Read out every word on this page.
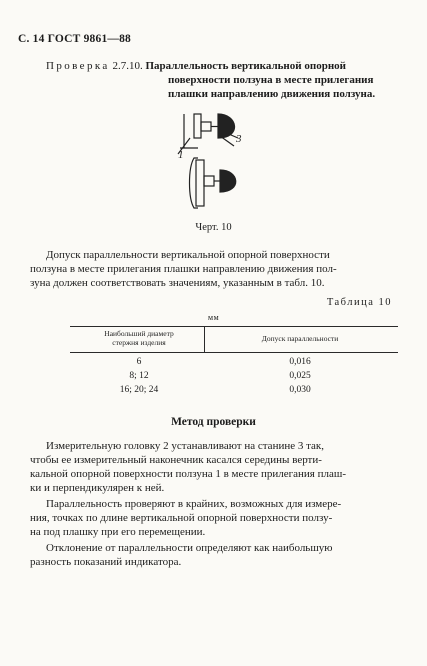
С. 14 ГОСТ 9861—88
Проверка 2.7.10. Параллельность вертикальной опорной
поверхности ползуна в месте прилегания
плашки направлению движения ползуна.
1
3
Черт. 10
Допуск параллельности вертикальной опорной поверхности
ползуна в месте прилегания плашки направлению движения пол-
зуна должен соответствовать значениям, указанным в табл. 10.
Таблица 10
мм
Наибольший диаметр
стержня изделия	Допуск параллельности
6	0,016
8; 12	0,025
16; 20; 24	0,030
Метод проверки
Измерительную головку 2 устанавливают на станине 3 так,
чтобы ее измерительный наконечник касался середины верти-
кальной опорной поверхности ползуна 1 в месте прилегания плаш-
ки и перпендикулярен к ней.
Параллельность проверяют в крайних, возможных для измере-
ния, точках по длине вертикальной опорной поверхности ползу-
на под плашку при его перемещении.
Отклонение от параллельности определяют как наибольшую
разность показаний индикатора.
